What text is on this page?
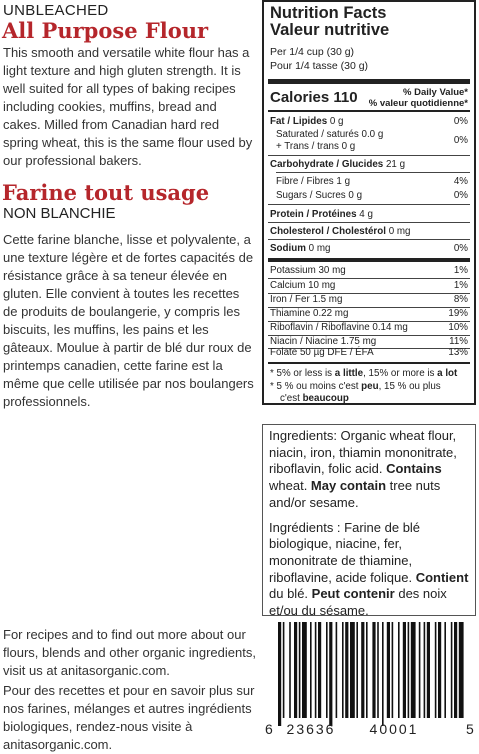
UNBLEACHED
All Purpose Flour
This smooth and versatile white flour has a light texture and high gluten strength. It is well suited for all types of baking recipes including cookies, muffins, bread and cakes. Milled from Canadian hard red spring wheat, this is the same flour used by our professional bakers.
Farine tout usage
NON BLANCHIE
Cette farine blanche, lisse et polyvalente, a une texture légère et de fortes capacités de résistance grâce à sa teneur élevée en gluten. Elle convient à toutes les recettes de produits de boulangerie, y compris les biscuits, les muffins, les pains et les gâteaux. Moulue à partir de blé dur roux de printemps canadien, cette farine est la même que celle utilisée par nos boulangers professionnels.
For recipes and to find out more about our flours, blends and other organic ingredients, visit us at anitasorganic.com.
Pour des recettes et pour en savoir plus sur nos farines, mélanges et autres ingrédients biologiques, rendez-nous visite à anitasorganic.com.
Nutrition Facts
Valeur nutritive
Per 1/4 cup (30 g)
Pour 1/4 tasse (30 g)
Calories 110	% Daily Value*
% valeur quotidienne*
Fat / Lipides 0 g	0%
Saturated / saturés 0.0 g
+ Trans / trans 0 g
0%
Carbohydrate / Glucides 21 g
Fibre / Fibres 1 g	4%
Sugars / Sucres 0 g	0%
Protein / Protéines 4 g
Cholesterol / Cholestérol 0 mg
Sodium 0 mg	0%
Potassium 30 mg	1%
Calcium 10 mg	1%
Iron / Fer 1.5 mg	8%
Thiamine 0.22 mg	19%
Riboflavin / Riboflavine 0.14 mg	10%
Niacin / Niacine 1.75 mg	11%
Folate 50 µg DFE / ÉFA	13%
* 5% or less is a little, 15% or more is a lot
* 5 % ou moins c'est peu, 15 % ou plus
c'est beaucoup

Ingredients: Organic wheat flour, niacin, iron, thiamin mononitrate, riboflavin, folic acid. Contains wheat. May contain tree nuts and/or sesame.

Ingrédients : Farine de blé biologique, niacine, fer, mononitrate de thiamine, riboflavine, acide folique. Contient du blé. Peut contenir des noix et/ou du sésame.

6 23636 40001	5
